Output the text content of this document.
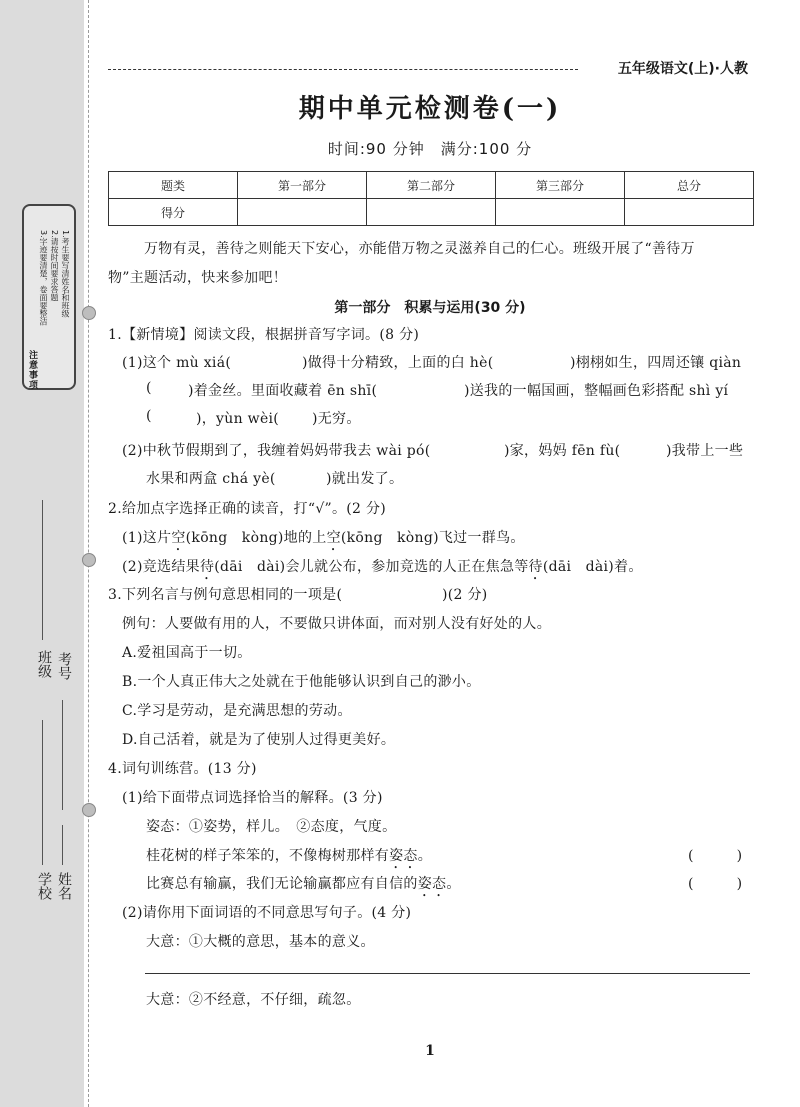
注意事项
1.考生要写清姓名和班级
2.请按时间要求答题
3.字迹要清楚，卷面要整洁
班级 考号
学校 姓名
五年级语文(上)·人教
期中单元检测卷(一)
时间:90 分钟　满分:100 分
题类	第一部分	第二部分	第三部分	总分
得分				
万物有灵，善待之则能天下安心，亦能借万物之灵滋养自己的仁心。班级开展了“善待万
物”主题活动，快来参加吧！
第一部分　积累与运用(30 分)
1.【新情境】阅读文段，根据拼音写字词。(8 分)
(1)这个 mù xiá(	)做得十分精致，上面的白 hè(	)栩栩如生，四周还镶 qiàn
(	)着金丝。里面收藏着 ēn shī(	)送我的一幅国画，整幅画色彩搭配 shì yí
(	)，yùn wèi( )无穷。
(2)中秋节假期到了，我缠着妈妈带我去 wài pó(	)家，妈妈 fēn fù(	)我带上一些
水果和两盒 chá yè(	)就出发了。
2.给加点字选择正确的读音，打“√”。(2 分)
(1)这片空(kōng　kòng)地的上空(kōng　kòng)飞过一群鸟。
(2)竞选结果待(dāi　dài)会儿就公布，参加竞选的人正在焦急等待(dāi　dài)着。
3.下列名言与例句意思相同的一项是(	)(2 分)
例句：人要做有用的人，不要做只讲体面，而对别人没有好处的人。
A.爱祖国高于一切。
B.一个人真正伟大之处就在于他能够认识到自己的渺小。
C.学习是劳动，是充满思想的劳动。
D.自己活着，就是为了使别人过得更美好。
4.词句训练营。(13 分)
(1)给下面带点词选择恰当的解释。(3 分)
姿态：①姿势，样儿。　②态度，气度。
桂花树的样子笨笨的，不像梅树那样有姿态。	(　　　)
比赛总有输赢，我们无论输赢都应有自信的姿态。	(　　　)
(2)请你用下面词语的不同意思写句子。(4 分)
大意：①大概的意思，基本的意义。
大意：②不经意，不仔细，疏忽。
1
